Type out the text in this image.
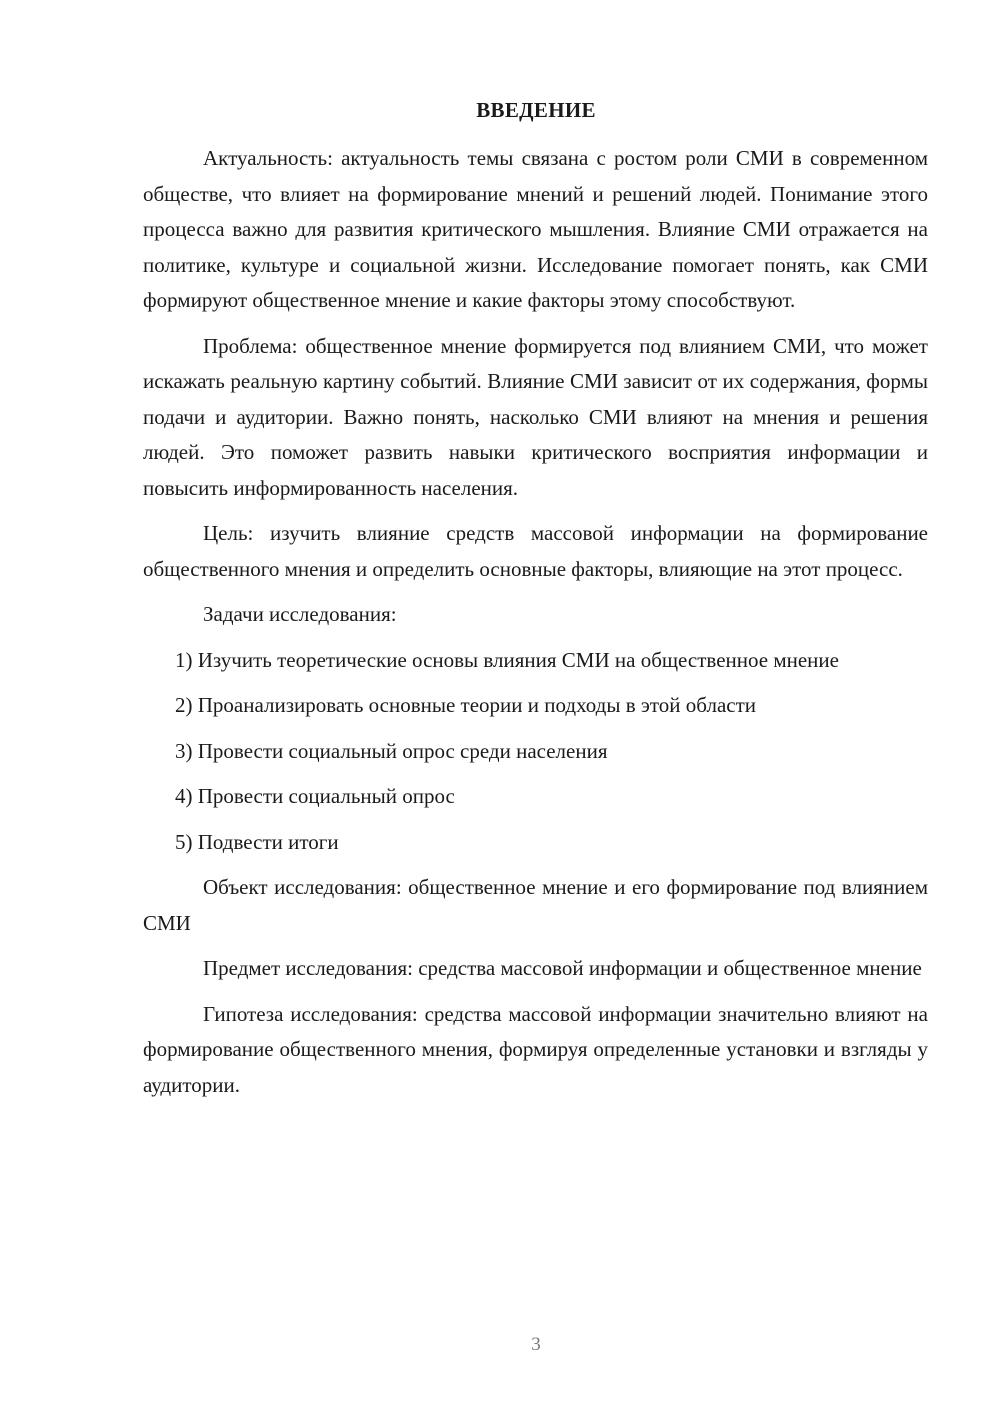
ВВЕДЕНИЕ

Актуальность: актуальность темы связана с ростом роли СМИ в современном обществе, что влияет на формирование мнений и решений людей. Понимание этого процесса важно для развития критического мышления. Влияние СМИ отражается на политике, культуре и социальной жизни. Исследование помогает понять, как СМИ формируют общественное мнение и какие факторы этому способствуют.

Проблема: общественное мнение формируется под влиянием СМИ, что может искажать реальную картину событий. Влияние СМИ зависит от их содержания, формы подачи и аудитории. Важно понять, насколько СМИ влияют на мнения и решения людей. Это поможет развить навыки критического восприятия информации и повысить информированность населения.

Цель: изучить влияние средств массовой информации на формирование общественного мнения и определить основные факторы, влияющие на этот процесс.

Задачи исследования:

1) Изучить теоретические основы влияния СМИ на общественное мнение

2) Проанализировать основные теории и подходы в этой области

3) Провести социальный опрос среди населения

4) Провести социальный опрос

5) Подвести итоги

Объект исследования: общественное мнение и его формирование под влиянием СМИ

Предмет исследования: средства массовой информации и общественное мнение

Гипотеза исследования: средства массовой информации значительно влияют на формирование общественного мнения, формируя определенные установки и взгляды у аудитории.

3
